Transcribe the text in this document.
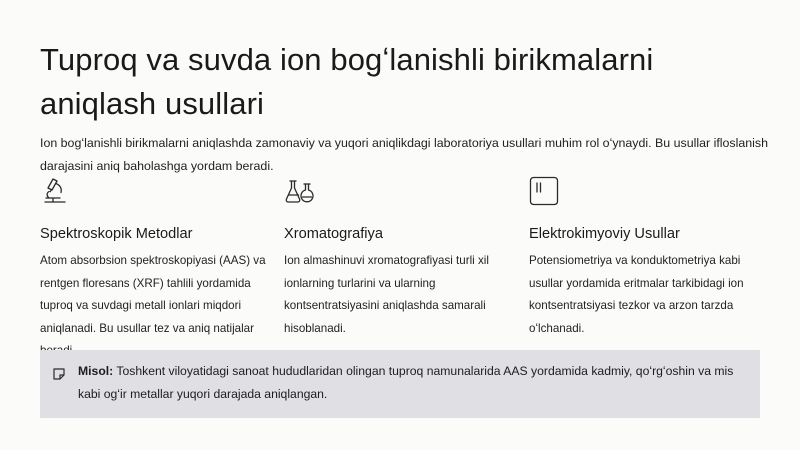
Tuproq va suvda ion bogʻlanishli birikmalarni aniqlash usullari

Ion bogʻlanishli birikmalarni aniqlashda zamonaviy va yuqori aniqlikdagi laboratoriya usullari muhim rol oʻynaydi. Bu usullar ifloslanish darajasini aniq baholashga yordam beradi.

Spektroskopik Metodlar

Atom absorbsion spektroskopiyasi (AAS) va rentgen floresans (XRF) tahlili yordamida tuproq va suvdagi metall ionlari miqdori aniqlanadi. Bu usullar tez va aniq natijalar

Xromatografiya

Ion almashinuvi xromatografiyasi turli xil ionlarning turlarini va ularning kontsentratsiyasini aniqlashda samarali hisoblanadi.

Elektrokimyoviy Usullar

Potensiometriya va konduktometriya kabi usullar yordamida eritmalar tarkibidagi ion kontsentratsiyasi tezkor va arzon tarzda oʻlchanadi.

Misol: Toshkent viloyatidagi sanoat hududlaridan olingan tuproq namunalarida AAS yordamida kadmiy, qoʻrgʻoshin va mis kabi ogʻir metallar yuqori darajada aniqlangan.
